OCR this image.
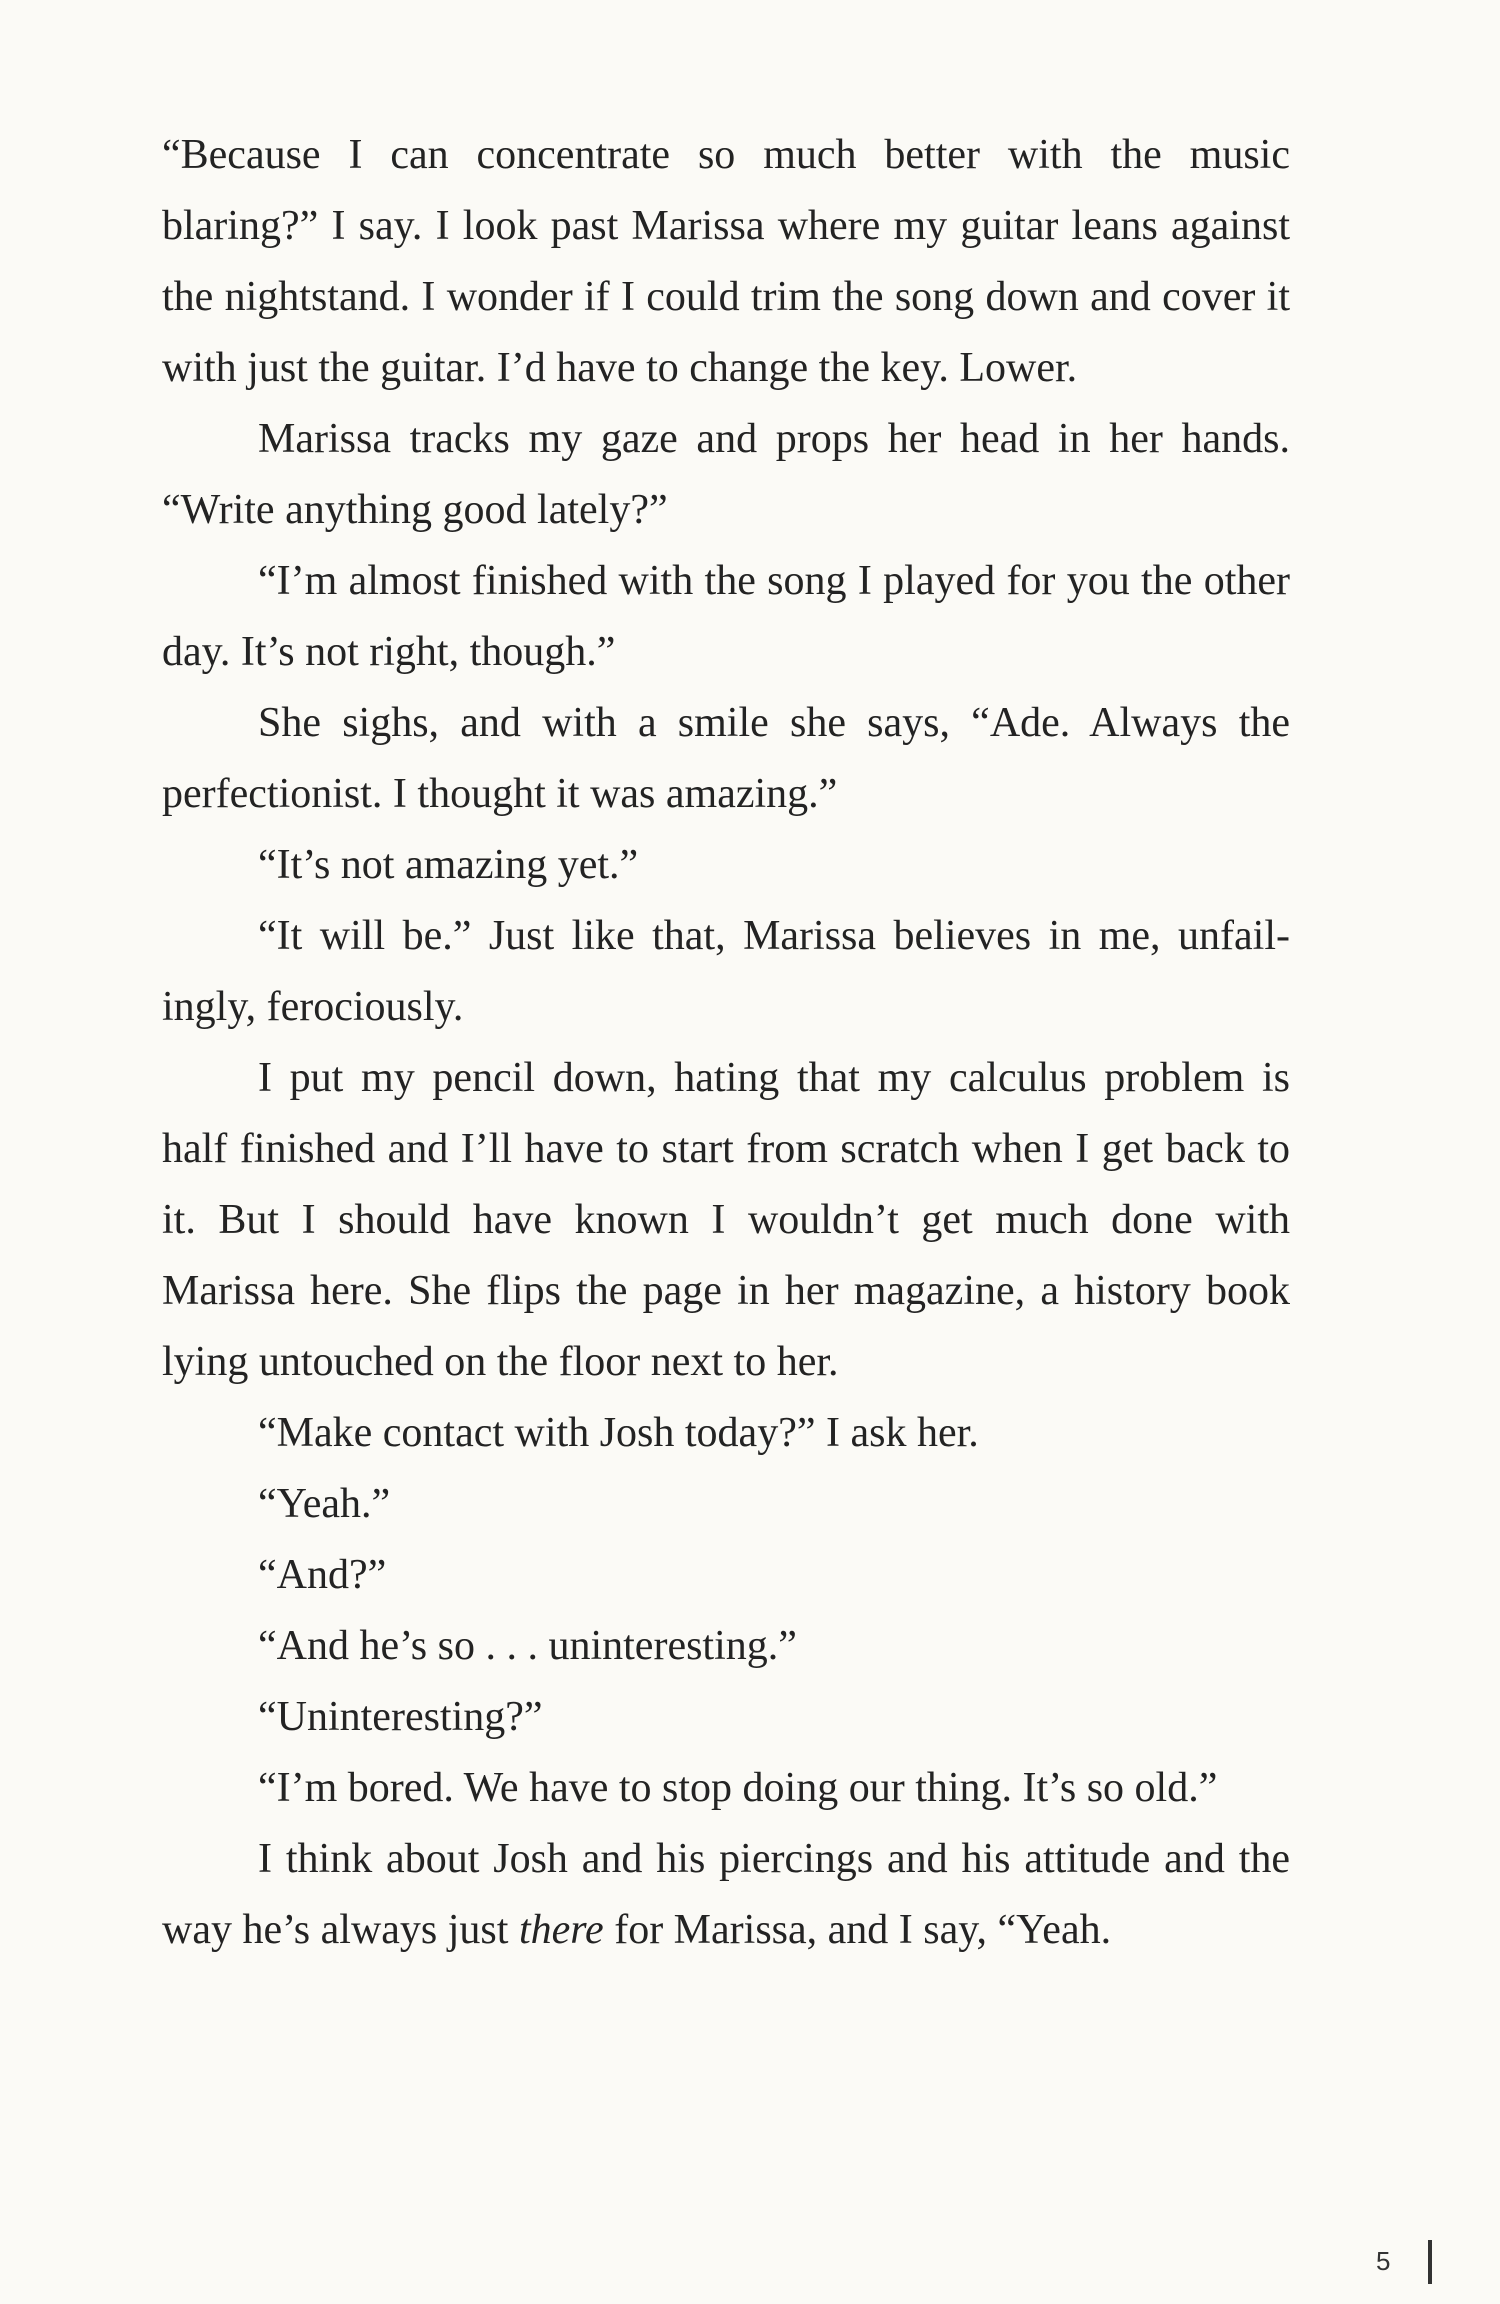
“Because I can concentrate so much better with the music blaring?” I say. I look past Marissa where my guitar leans against the nightstand. I wonder if I could trim the song down and cover it with just the guitar. I’d have to change the key. Lower.

Marissa tracks my gaze and props her head in her hands. “Write anything good lately?”

“I’m almost finished with the song I played for you the other day. It’s not right, though.”

She sighs, and with a smile she says, “Ade. Always the perfectionist. I thought it was amazing.”

“It’s not amazing yet.”

“It will be.” Just like that, Marissa believes in me, unfailingly, ferociously.

I put my pencil down, hating that my calculus problem is half finished and I’ll have to start from scratch when I get back to it. But I should have known I wouldn’t get much done with Marissa here. She flips the page in her magazine, a history book lying untouched on the floor next to her.

“Make contact with Josh today?” I ask her.

“Yeah.”

“And?”

“And he’s so . . . uninteresting.”

“Uninteresting?”

“I’m bored. We have to stop doing our thing. It’s so old.”

I think about Josh and his piercings and his attitude and the way he’s always just there for Marissa, and I say, “Yeah.

5
